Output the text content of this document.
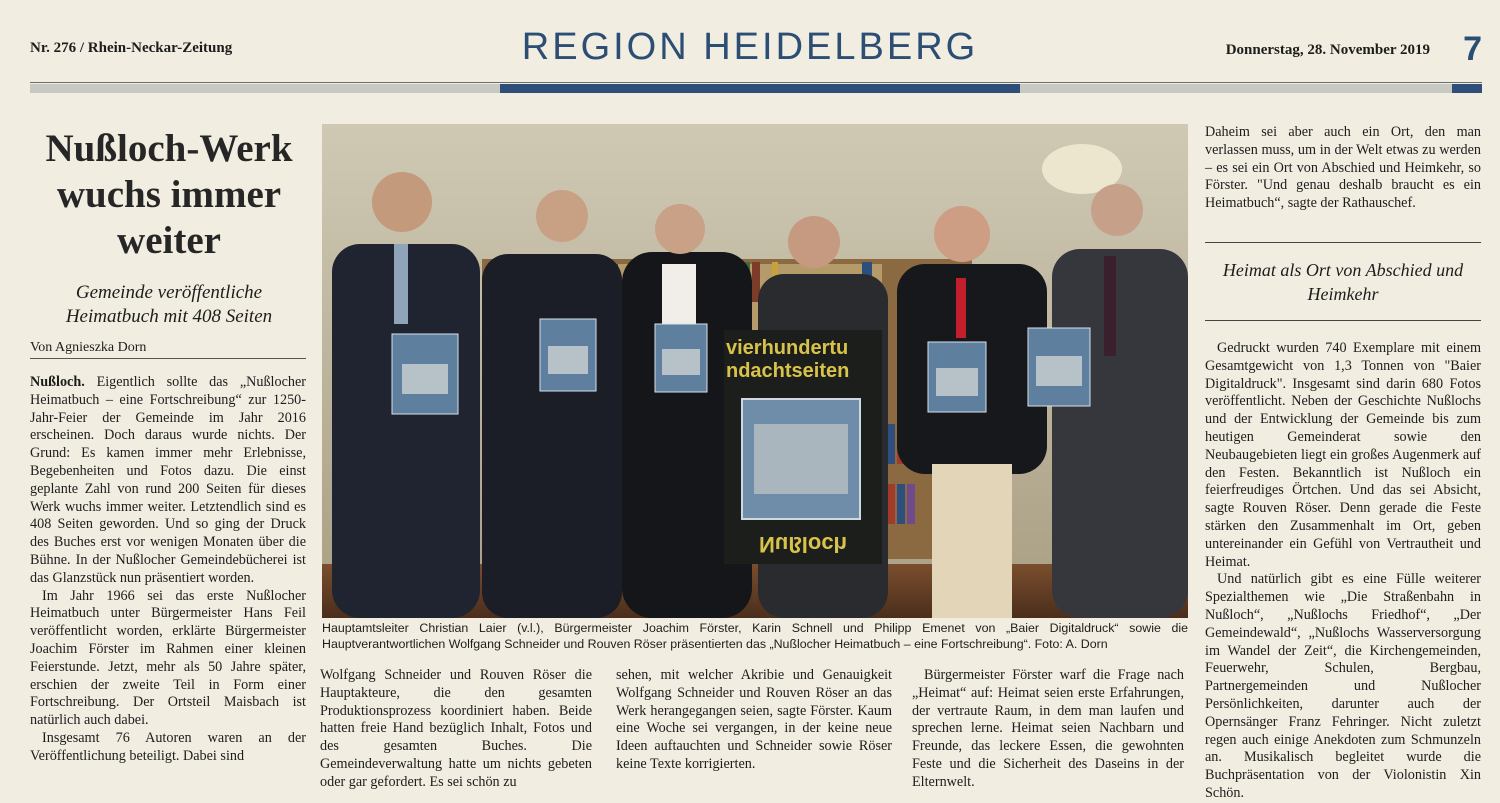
Nr. 276 / Rhein-Neckar-Zeitung	REGION HEIDELBERG	Donnerstag, 28. November 2019 7
Nußloch-Werk wuchs immer weiter
Gemeinde veröffentliche Heimatbuch mit 408 Seiten
Von Agnieszka Dorn

Nußloch. Eigentlich sollte das „Nußlocher Heimatbuch – eine Fortschreibung“ zur 1250-Jahr-Feier der Gemeinde im Jahr 2016 erscheinen. Doch daraus wurde nichts. Der Grund: Es kamen immer mehr Erlebnisse, Begebenheiten und Fotos dazu. Die einst geplante Zahl von rund 200 Seiten für dieses Werk wuchs immer weiter. Letztendlich sind es 408 Seiten geworden. Und so ging der Druck des Buches erst vor wenigen Monaten über die Bühne. In der Nußlocher Gemeindebücherei ist das Glanzstück nun präsentiert worden.

Im Jahr 1966 sei das erste Nußlocher Heimatbuch unter Bürgermeister Hans Feil veröffentlicht worden, erklärte Bürgermeister Joachim Förster im Rahmen einer kleinen Feierstunde. Jetzt, mehr als 50 Jahre später, erschien der zweite Teil in Form einer Fortschreibung. Der Ortsteil Maisbach ist natürlich auch dabei.

Insgesamt 76 Autoren waren an der Veröffentlichung beteiligt. Dabei sind

vierhundertu
ndachtseiten
Nußloch
Hauptamtsleiter Christian Laier (v.l.), Bürgermeister Joachim Förster, Karin Schnell und Philipp Emenet von „Baier Digitaldruck“ sowie die Hauptverantwortlichen Wolfgang Schneider und Rouven Röser präsentierten das „Nußlocher Heimatbuch – eine Fortschreibung“. Foto: A. Dorn

Wolfgang Schneider und Rouven Röser die Hauptakteure, die den gesamten Produktionsprozess koordiniert haben. Beide hatten freie Hand bezüglich Inhalt, Fotos und des gesamten Buches. Die Gemeindeverwaltung hatte um nichts gebeten oder gar gefordert. Es sei schön zu

sehen, mit welcher Akribie und Genauigkeit Wolfgang Schneider und Rouven Röser an das Werk herangegangen seien, sagte Förster. Kaum eine Woche sei vergangen, in der keine neue Ideen auftauchten und Schneider sowie Röser keine Texte korrigierten.

Bürgermeister Förster warf die Frage nach „Heimat“ auf: Heimat seien erste Erfahrungen, der vertraute Raum, in dem man laufen und sprechen lerne. Heimat seien Nachbarn und Freunde, das leckere Essen, die gewohnten Feste und die Sicherheit des Daseins in der Elternwelt.

Daheim sei aber auch ein Ort, den man verlassen muss, um in der Welt etwas zu werden – es sei ein Ort von Abschied und Heimkehr, so Förster. "Und genau deshalb braucht es ein Heimatbuch“, sagte der Rathauschef.

Heimat als Ort von Abschied und Heimkehr

Gedruckt wurden 740 Exemplare mit einem Gesamtgewicht von 1,3 Tonnen von "Baier Digitaldruck". Insgesamt sind darin 680 Fotos veröffentlicht. Neben der Geschichte Nußlochs und der Entwicklung der Gemeinde bis zum heutigen Gemeinderat sowie den Neubaugebieten liegt ein großes Augenmerk auf den Festen. Bekanntlich ist Nußloch ein feierfreudiges Örtchen. Und das sei Absicht, sagte Rouven Röser. Denn gerade die Feste stärken den Zusammenhalt im Ort, geben untereinander ein Gefühl von Vertrautheit und Heimat.

Und natürlich gibt es eine Fülle weiterer Spezialthemen wie „Die Straßenbahn in Nußloch“, „Nußlochs Friedhof“, „Der Gemeindewald“, „Nußlochs Wasserversorgung im Wandel der Zeit“, die Kirchengemeinden, Feuerwehr, Schulen, Bergbau, Partnergemeinden und Nußlocher Persönlichkeiten, darunter auch der Opernsänger Franz Fehringer. Nicht zuletzt regen auch einige Anekdoten zum Schmunzeln an. Musikalisch begleitet wurde die Buchpräsentation von der Violonistin Xin Schön.
